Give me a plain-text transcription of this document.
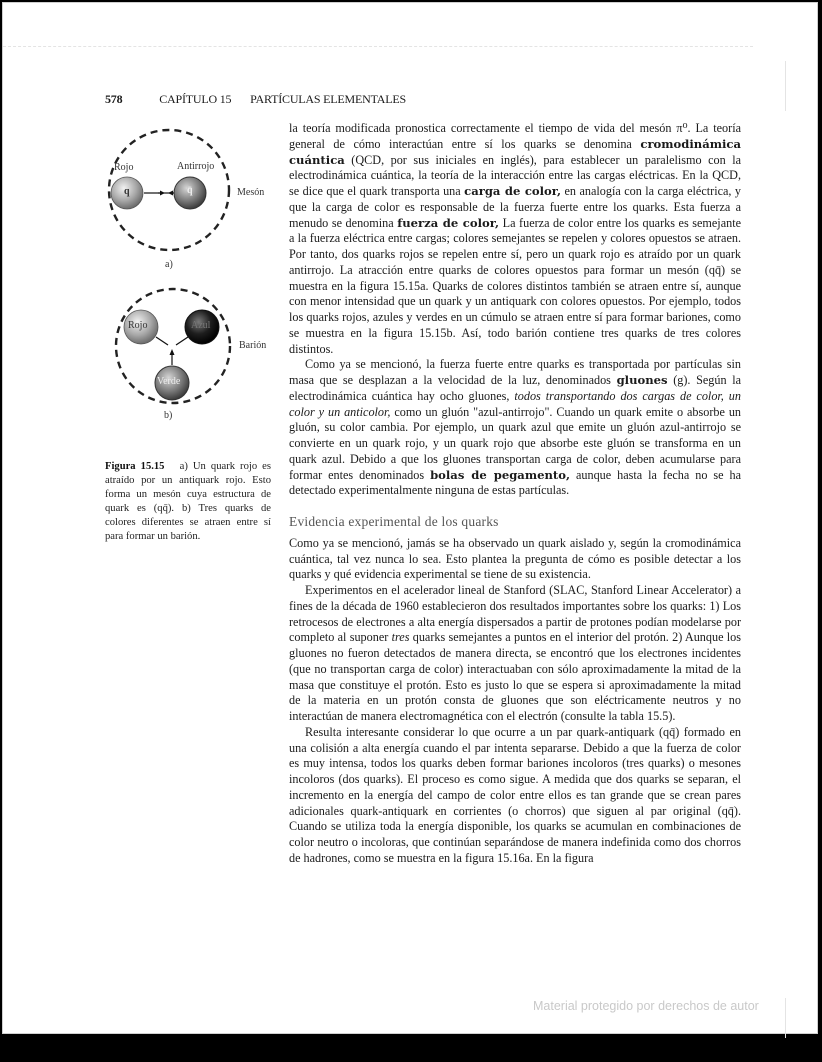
578	CAPÍTULO 15 PARTÍCULAS ELEMENTALES
Rojo	Antirrojo
q	q̄	Mesón
a)
Rojo	Azul
Verde
Barión
b)
Figura 15.15 a) Un quark rojo es atraído por un antiquark rojo. Esto forma un mesón cuya estructura de quark es (qq̄). b) Tres quarks de colores diferentes se atraen entre sí para formar un barión.

la teoría modificada pronostica correctamente el tiempo de vida del mesón π⁰. La teoría general de cómo interactúan entre sí los quarks se denomina cromodinámica cuántica (QCD, por sus iniciales en inglés), para establecer un paralelismo con la electrodinámica cuántica, la teoría de la interacción entre las cargas eléctricas. En la QCD, se dice que el quark transporta una carga de color, en analogía con la carga eléctrica, y que la carga de color es responsable de la fuerza fuerte entre los quarks. Esta fuerza a menudo se denomina fuerza de color, La fuerza de color entre los quarks es semejante a la fuerza eléctrica entre cargas; colores semejantes se repelen y colores opuestos se atraen. Por tanto, dos quarks rojos se repelen entre sí, pero un quark rojo es atraído por un quark antirrojo. La atracción entre quarks de colores opuestos para formar un mesón (qq̄) se muestra en la figura 15.15a. Quarks de colores distintos también se atraen entre sí, aunque con menor intensidad que un quark y un antiquark con colores opuestos. Por ejemplo, todos los quarks rojos, azules y verdes en un cúmulo se atraen entre sí para formar bariones, como se muestra en la figura 15.15b. Así, todo barión contiene tres quarks de tres colores distintos.

Como ya se mencionó, la fuerza fuerte entre quarks es transportada por partículas sin masa que se desplazan a la velocidad de la luz, denominados gluones (g). Según la electrodinámica cuántica hay ocho gluones, todos transportando dos cargas de color, un color y un anticolor, como un gluón "azul-antirrojo". Cuando un quark emite o absorbe un gluón, su color cambia. Por ejemplo, un quark azul que emite un gluón azul-antirrojo se convierte en un quark rojo, y un quark rojo que absorbe este gluón se transforma en un quark azul. Debido a que los gluones transportan carga de color, deben acumularse para formar entes denominados bolas de pegamento, aunque hasta la fecha no se ha detectado experimentalmente ninguna de estas partículas.

Evidencia experimental de los quarks

Como ya se mencionó, jamás se ha observado un quark aislado y, según la cromodinámica cuántica, tal vez nunca lo sea. Esto plantea la pregunta de cómo es posible detectar a los quarks y qué evidencia experimental se tiene de su existencia.

Experimentos en el acelerador lineal de Stanford (SLAC, Stanford Linear Accelerator) a fines de la década de 1960 establecieron dos resultados importantes sobre los quarks: 1) Los retrocesos de electrones a alta energía dispersados a partir de protones podían modelarse por completo al suponer tres quarks semejantes a puntos en el interior del protón. 2) Aunque los gluones no fueron detectados de manera directa, se encontró que los electrones incidentes (que no transportan carga de color) interactuaban con sólo aproximadamente la mitad de la masa que constituye el protón. Esto es justo lo que se espera si aproximadamente la mitad de la materia en un protón consta de gluones que son eléctricamente neutros y no interactúan de manera electromagnética con el electrón (consulte la tabla 15.5).

Resulta interesante considerar lo que ocurre a un par quark-antiquark (qq̄) formado en una colisión a alta energía cuando el par intenta separarse. Debido a que la fuerza de color es muy intensa, todos los quarks deben formar bariones incoloros (tres quarks) o mesones incoloros (dos quarks). El proceso es como sigue. A medida que dos quarks se separan, el incremento en la energía del campo de color entre ellos es tan grande que se crean pares adicionales quark-antiquark en corrientes (o chorros) que siguen al par original (qq̄). Cuando se utiliza toda la energía disponible, los quarks se acumulan en combinaciones de color neutro o incoloras, que continúan separándose de manera indefinida como dos chorros de hadrones, como se muestra en la figura 15.16a. En la figura

Material protegido por derechos de autor
